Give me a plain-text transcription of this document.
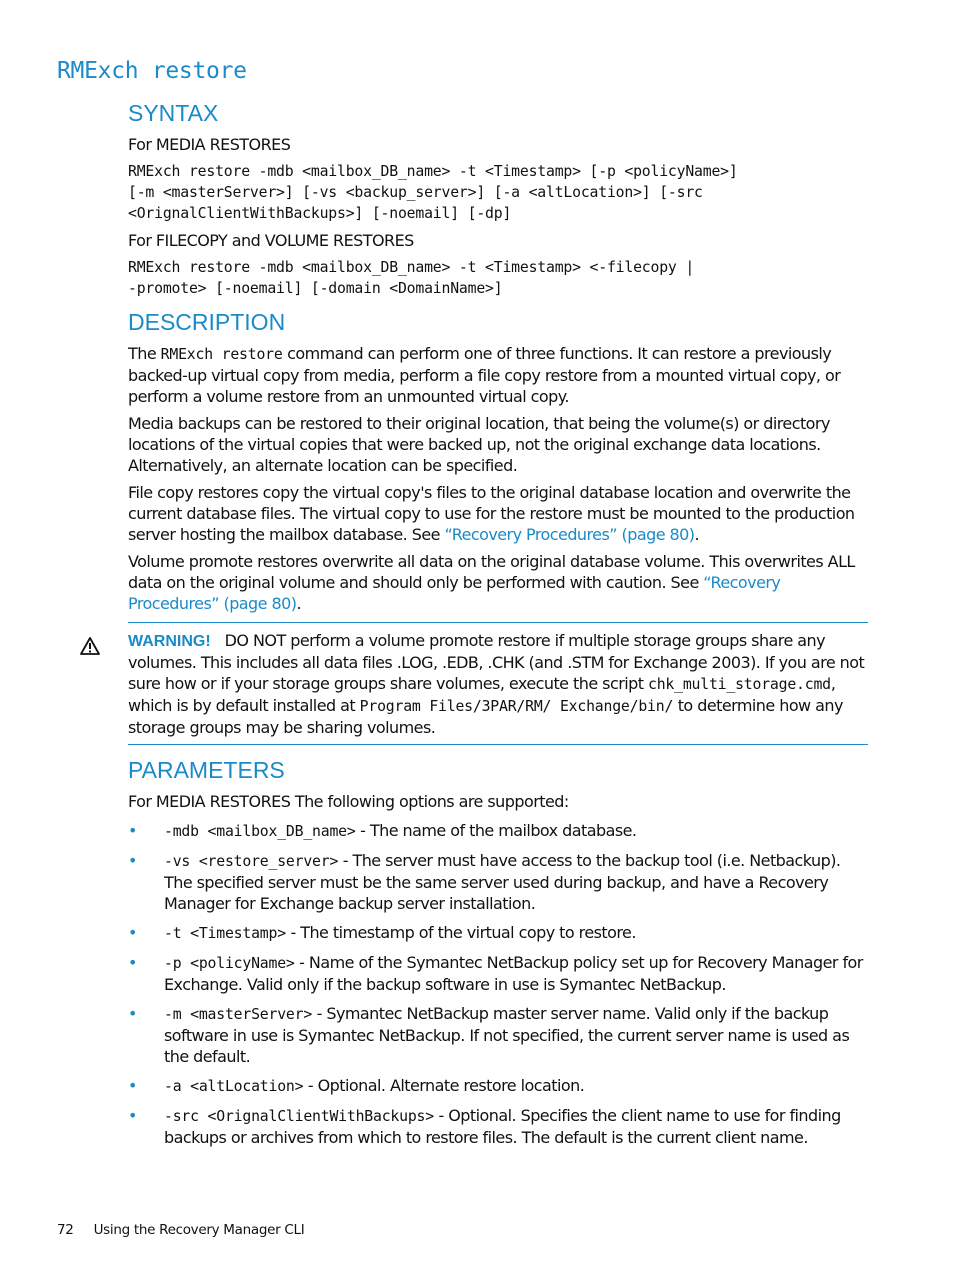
RMExch restore
SYNTAX

For MEDIA RESTORES

RMExch restore -mdb <mailbox_DB_name> -t <Timestamp> [-p <policyName>]
[-m <masterServer>] [-vs <backup_server>] [-a <altLocation>] [-src
<OrignalClientWithBackups>] [-noemail] [-dp]

For FILECOPY and VOLUME RESTORES

RMExch restore -mdb <mailbox_DB_name> -t <Timestamp> <-filecopy |
-promote> [-noemail] [-domain <DomainName>]
DESCRIPTION

The RMExch restore command can perform one of three functions. It can restore a previously backed-up virtual copy from media, perform a file copy restore from a mounted virtual copy, or perform a volume restore from an unmounted virtual copy.

Media backups can be restored to their original location, that being the volume(s) or directory locations of the virtual copies that were backed up, not the original exchange data locations. Alternatively, an alternate location can be specified.

File copy restores copy the virtual copy's files to the original database location and overwrite the current database files. The virtual copy to use for the restore must be mounted to the production server hosting the mailbox database. See “Recovery Procedures” (page 80).

Volume promote restores overwrite all data on the original database volume. This overwrites ALL data on the original volume and should only be performed with caution. See “Recovery Procedures” (page 80).

WARNING! DO NOT perform a volume promote restore if multiple storage groups share any volumes. This includes all data files .LOG, .EDB, .CHK (and .STM for Exchange 2003). If you are not sure how or if your storage groups share volumes, execute the script chk_multi_storage.cmd, which is by default installed at Program Files/3PAR/RM/ Exchange/bin/ to determine how any storage groups may be sharing volumes.

PARAMETERS

For MEDIA RESTORES The following options are supported:

• -mdb <mailbox_DB_name> - The name of the mailbox database.

• -vs <restore_server> - The server must have access to the backup tool (i.e. Netbackup). The specified server must be the same server used during backup, and have a Recovery Manager for Exchange backup server installation.

• -t <Timestamp> - The timestamp of the virtual copy to restore.

• -p <policyName> - Name of the Symantec NetBackup policy set up for Recovery Manager for Exchange. Valid only if the backup software in use is Symantec NetBackup.

• -m <masterServer> - Symantec NetBackup master server name. Valid only if the backup software in use is Symantec NetBackup. If not specified, the current server name is used as the default.

• -a <altLocation> - Optional. Alternate restore location.

• -src <OrignalClientWithBackups> - Optional. Specifies the client name to use for finding backups or archives from which to restore files. The default is the current client name.

72 Using the Recovery Manager CLI
